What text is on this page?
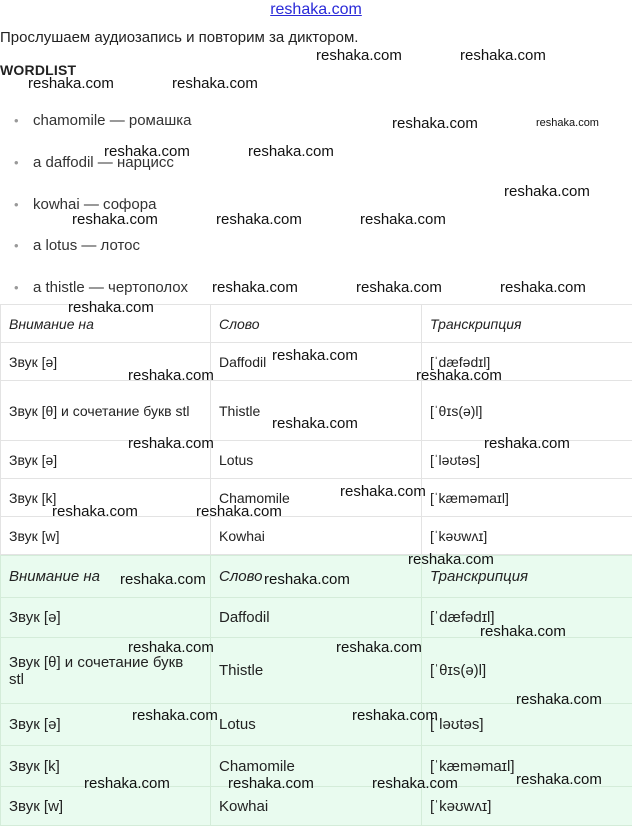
reshaka.com
Прослушаем аудиозапись и повторим за диктором.
WORDLIST
• chamomile — ромашка
• a daffodil — нарцисс
• kowhai — софора
• a lotus — лотос
• a thistle — чертополох
Внимание на	Слово	Транскрипция
Звук [ə]	Daffodil	[ˈdæfədɪl]
Звук [θ] и сочетание букв stl	Thistle	[ˈθɪs(ə)l]
Звук [ə]	Lotus	[ˈləʊtəs]
Звук [k]	Chamomile	[ˈkæməmaɪl]
Звук [w]	Kowhai	[ˈkəʊwʌɪ]
Внимание на	Слово	Транскрипция
Звук [ə]	Daffodil	[ˈdæfədɪl]
Звук [θ] и сочетание букв stl	Thistle	[ˈθɪs(ə)l]
Звук [ə]	Lotus	[ˈləʊtəs]
Звук [k]	Chamomile	[ˈkæməmaɪl]
Звук [w]	Kowhai	[ˈkəʊwʌɪ]
reshaka.com	reshaka.com
reshaka.com	reshaka.com
reshaka.com	reshaka.com
reshaka.com	reshaka.com
reshaka.com
reshaka.com	reshaka.com	reshaka.com
reshaka.com	reshaka.com	reshaka.com
reshaka.com
reshaka.com
reshaka.com	reshaka.com
reshaka.com
reshaka.com	reshaka.com
reshaka.com
reshaka.com	reshaka.com
reshaka.com
reshaka.com	reshaka.com
reshaka.com
reshaka.com	reshaka.com
reshaka.com
reshaka.com	reshaka.com
reshaka.com
reshaka.com	reshaka.com	reshaka.com
